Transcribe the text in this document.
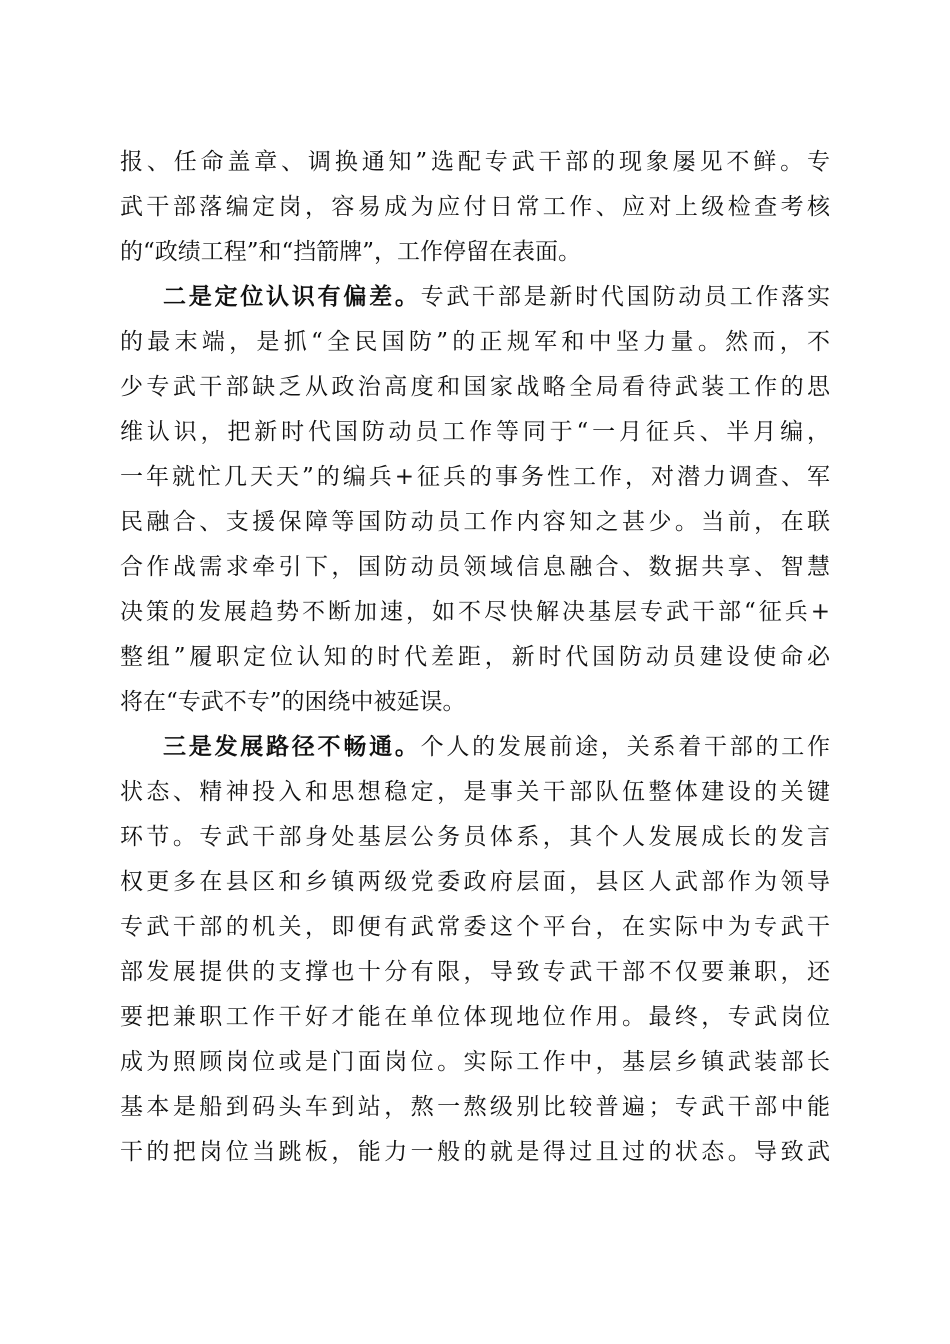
报、任命盖章、调换通知”选配专武干部的现象屡见不鲜。专
武干部落编定岗，容易成为应付日常工作、应对上级检查考核
的“政绩工程”和“挡箭牌”，工作停留在表面。
二是定位认识有偏差。专武干部是新时代国防动员工作落实
的最末端，是抓“全民国防”的正规军和中坚力量。然而，不
少专武干部缺乏从政治高度和国家战略全局看待武装工作的思
维认识，把新时代国防动员工作等同于“一月征兵、半月编，
一年就忙几天天”的编兵+征兵的事务性工作，对潜力调查、军
民融合、支援保障等国防动员工作内容知之甚少。当前，在联
合作战需求牵引下，国防动员领域信息融合、数据共享、智慧
决策的发展趋势不断加速，如不尽快解决基层专武干部“征兵+
整组”履职定位认知的时代差距，新时代国防动员建设使命必
将在“专武不专”的困绕中被延误。
三是发展路径不畅通。个人的发展前途，关系着干部的工作
状态、精神投入和思想稳定，是事关干部队伍整体建设的关键
环节。专武干部身处基层公务员体系，其个人发展成长的发言
权更多在县区和乡镇两级党委政府层面，县区人武部作为领导
专武干部的机关，即便有武常委这个平台，在实际中为专武干
部发展提供的支撑也十分有限，导致专武干部不仅要兼职，还
要把兼职工作干好才能在单位体现地位作用。最终，专武岗位
成为照顾岗位或是门面岗位。实际工作中，基层乡镇武装部长
基本是船到码头车到站，熬一熬级别比较普遍；专武干部中能
干的把岗位当跳板，能力一般的就是得过且过的状态。导致武
